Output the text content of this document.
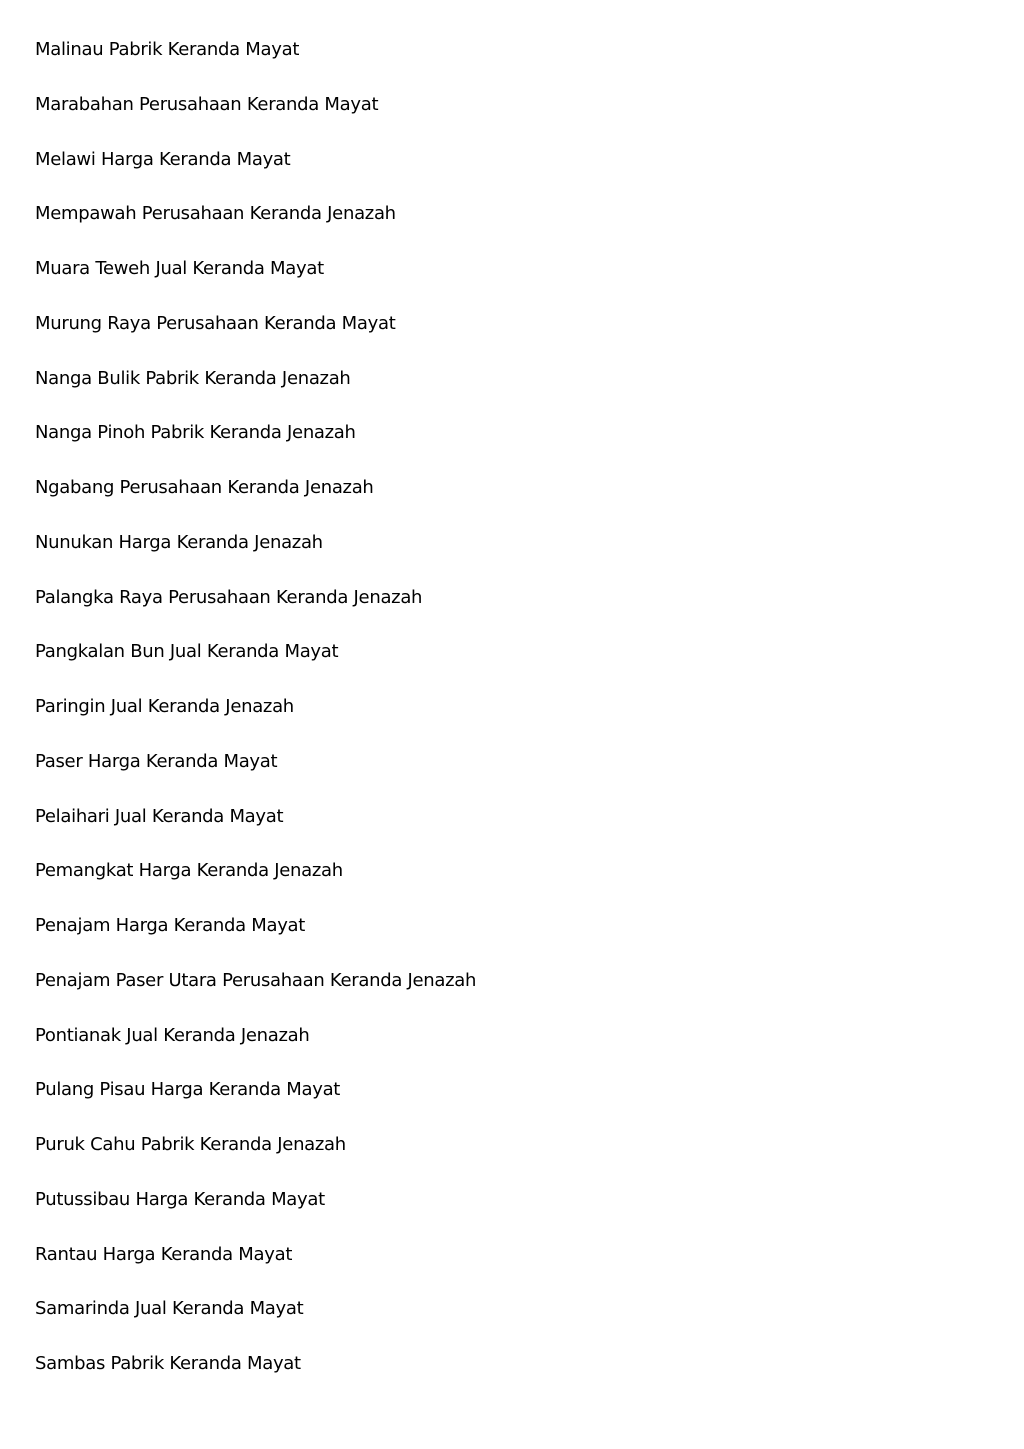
Malinau Pabrik Keranda Mayat
Marabahan Perusahaan Keranda Mayat
Melawi Harga Keranda Mayat
Mempawah Perusahaan Keranda Jenazah
Muara Teweh Jual Keranda Mayat
Murung Raya Perusahaan Keranda Mayat
Nanga Bulik Pabrik Keranda Jenazah
Nanga Pinoh Pabrik Keranda Jenazah
Ngabang Perusahaan Keranda Jenazah
Nunukan Harga Keranda Jenazah
Palangka Raya Perusahaan Keranda Jenazah
Pangkalan Bun Jual Keranda Mayat
Paringin Jual Keranda Jenazah
Paser Harga Keranda Mayat
Pelaihari Jual Keranda Mayat
Pemangkat Harga Keranda Jenazah
Penajam Harga Keranda Mayat
Penajam Paser Utara Perusahaan Keranda Jenazah
Pontianak Jual Keranda Jenazah
Pulang Pisau Harga Keranda Mayat
Puruk Cahu Pabrik Keranda Jenazah
Putussibau Harga Keranda Mayat
Rantau Harga Keranda Mayat
Samarinda Jual Keranda Mayat
Sambas Pabrik Keranda Mayat
